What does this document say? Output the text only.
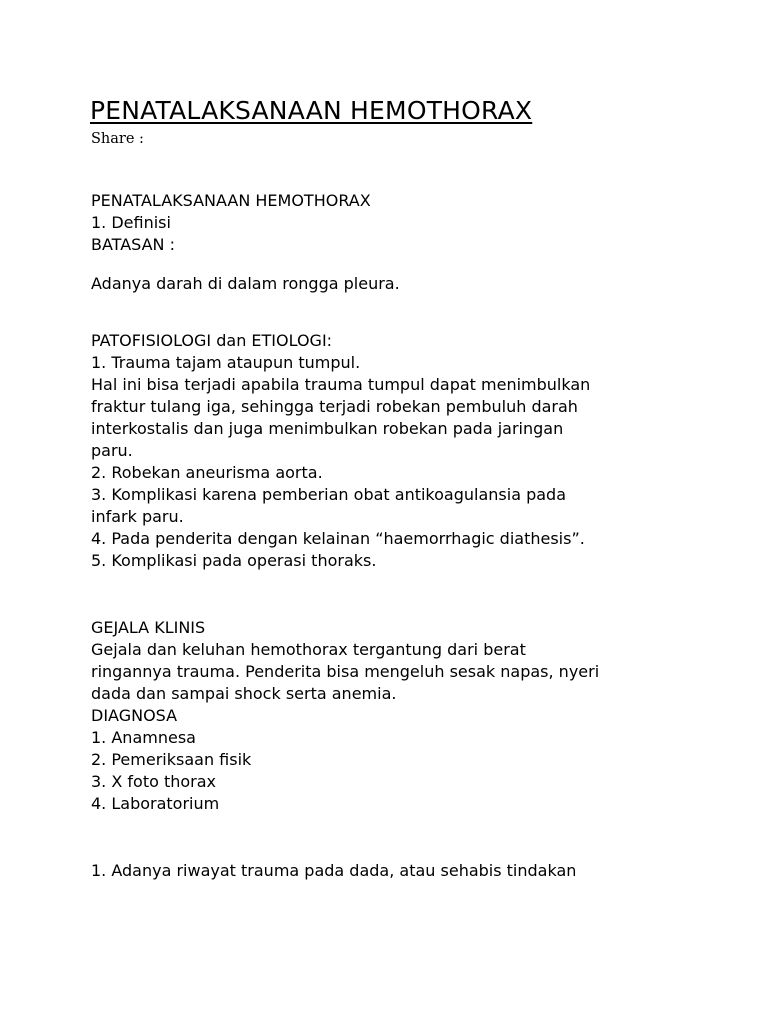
PENATALAKSANAAN HEMOTHORAX
Share :
PENATALAKSANAAN HEMOTHORAX
1. Definisi
BATASAN :
Adanya darah di dalam rongga pleura.
PATOFISIOLOGI dan ETIOLOGI:
1. Trauma tajam ataupun tumpul.
Hal ini bisa terjadi apabila trauma tumpul dapat menimbulkan
fraktur tulang iga, sehingga terjadi robekan pembuluh darah
interkostalis dan juga menimbulkan robekan pada jaringan
paru.
2. Robekan aneurisma aorta.
3. Komplikasi karena pemberian obat antikoagulansia pada
infark paru.
4. Pada penderita dengan kelainan “haemorrhagic diathesis”.
5. Komplikasi pada operasi thoraks.
GEJALA KLINIS
Gejala dan keluhan hemothorax tergantung dari berat
ringannya trauma. Penderita bisa mengeluh sesak napas, nyeri
dada dan sampai shock serta anemia.
DIAGNOSA
1. Anamnesa
2. Pemeriksaan fisik
3. X foto thorax
4. Laboratorium
1. Adanya riwayat trauma pada dada, atau sehabis tindakan
